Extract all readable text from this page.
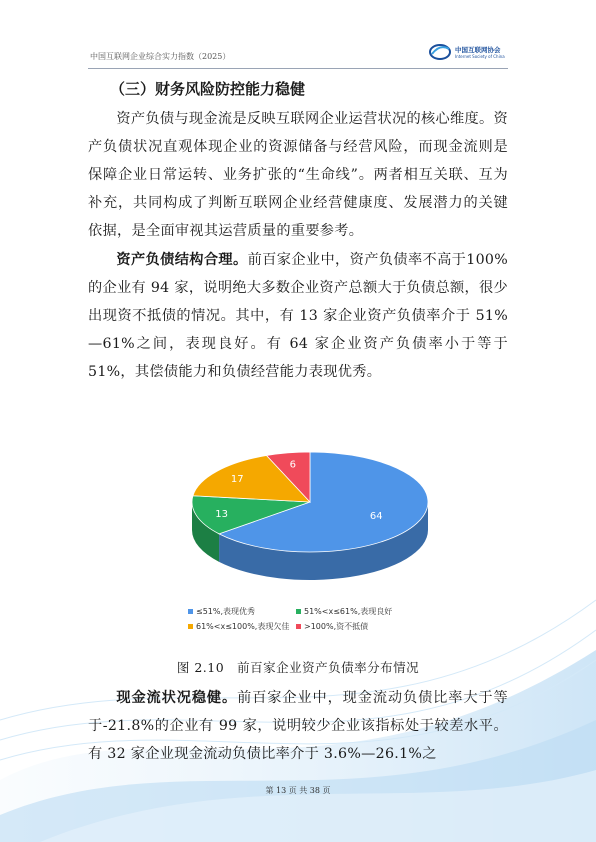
中国互联网企业综合实力指数（2025）
中国互联网协会
Internet Society of China
（三）财务风险防控能力稳健

资产负债与现金流是反映互联网企业运营状况的核心维度。资产负债状况直观体现企业的资源储备与经营风险，而现金流则是保障企业日常运转、业务扩张的“生命线”。两者相互关联、互为补充，共同构成了判断互联网企业经营健康度、发展潜力的关键依据，是全面审视其运营质量的重要参考。

资产负债结构合理。前百家企业中，资产负债率不高于100%的企业有 94 家，说明绝大多数企业资产总额大于负债总额，很少出现资不抵债的情况。其中，有 13 家企业资产负债率介于 51%—61%之间，表现良好。有 64 家企业资产负债率小于等于 51%，其偿债能力和负债经营能力表现优秀。

64
13
17
6
≤51%,表现优秀	51%<x≤61%,表现良好
61%<x≤100%,表现欠佳	>100%,资不抵债
图 2.10　前百家企业资产负债率分布情况

现金流状况稳健。前百家企业中，现金流动负债比率大于等于-21.8%的企业有 99 家，说明较少企业该指标处于较差水平。有 32 家企业现金流动负债比率介于 3.6%—26.1%之

第 13 页 共 38 页
